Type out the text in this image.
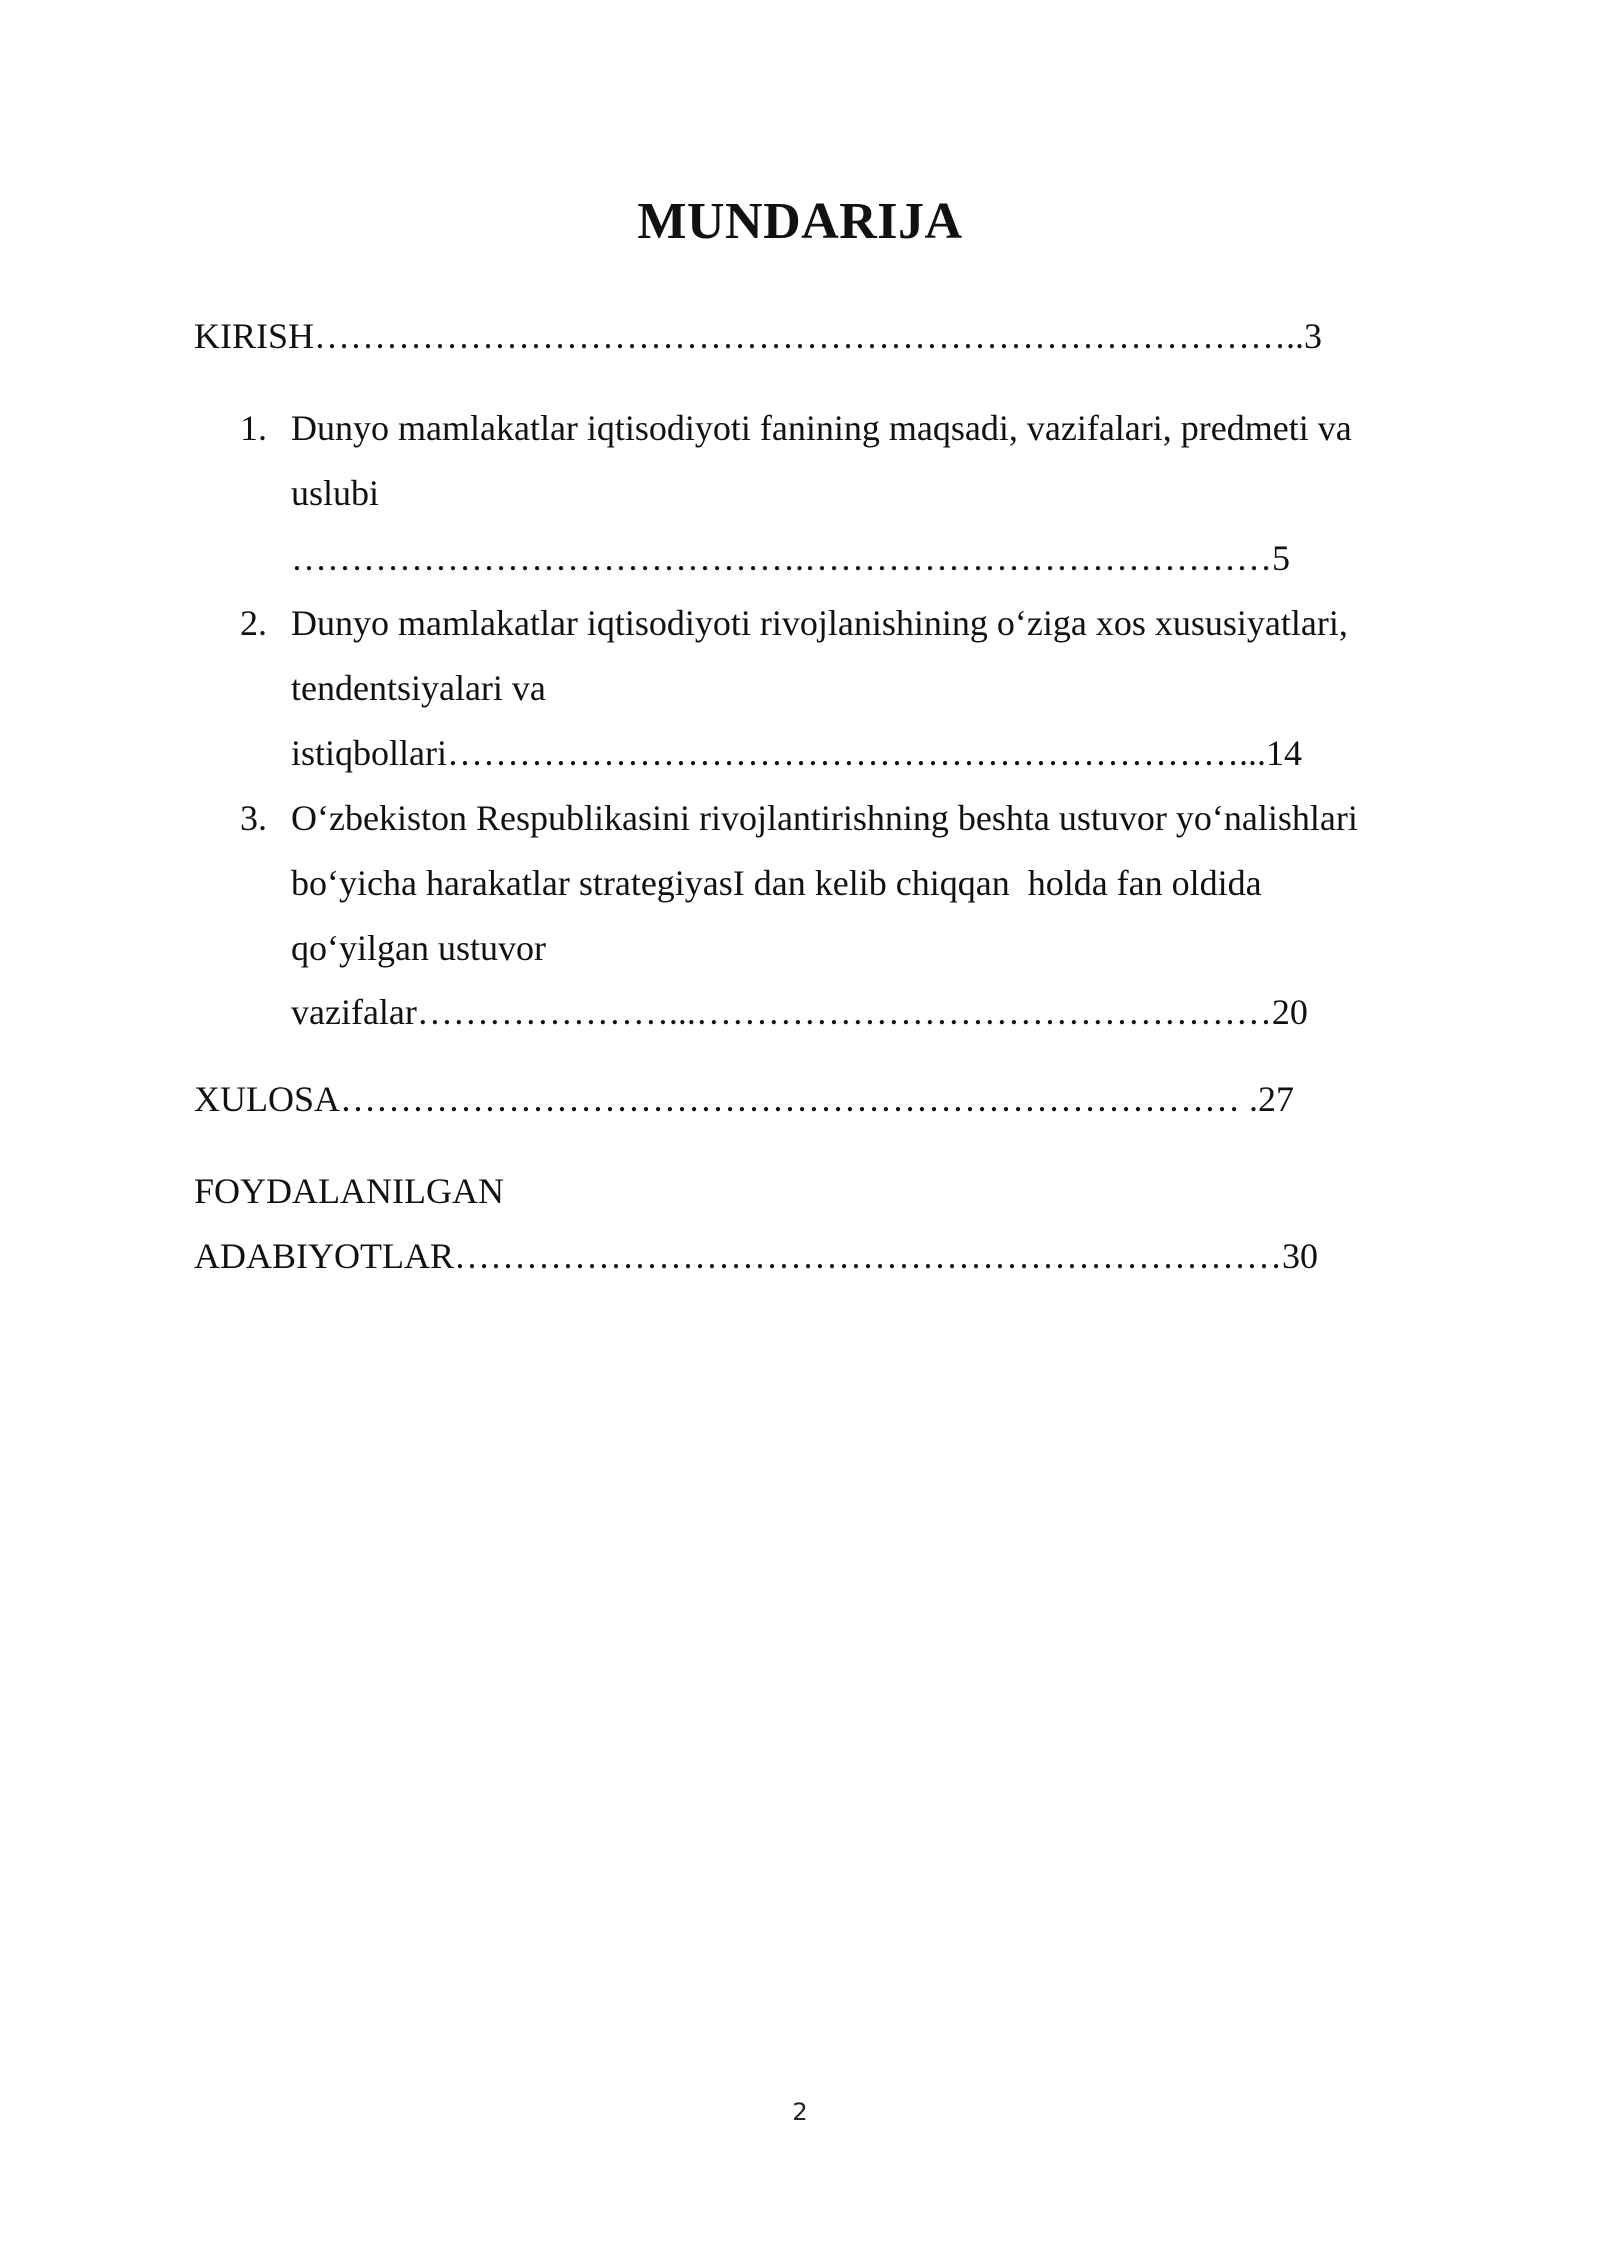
MUNDARIJA
KIRISH………………………………………………………………………..3
1. Dunyo mamlakatlar iqtisodiyoti fanining maqsadi, vazifalari, predmeti va
uslubi
…………………………………….…………………………………5
2. Dunyo mamlakatlar iqtisodiyoti rivojlanishining o‘ziga xos xususiyatlari,
tendentsiyalari va
istiqbollari…………………………………………………………...14
3. O‘zbekiston Respublikasini rivojlantirishning beshta ustuvor yo‘nalishlari
bo‘yicha harakatlar strategiyasI dan kelib chiqqan  holda fan oldida
qo‘yilgan ustuvor
vazifalar…………………...…………………………………………20
XULOSA………………………………………………………………… .27
FOYDALANILGAN
ADABIYOTLAR……………………………………………………………30
2
